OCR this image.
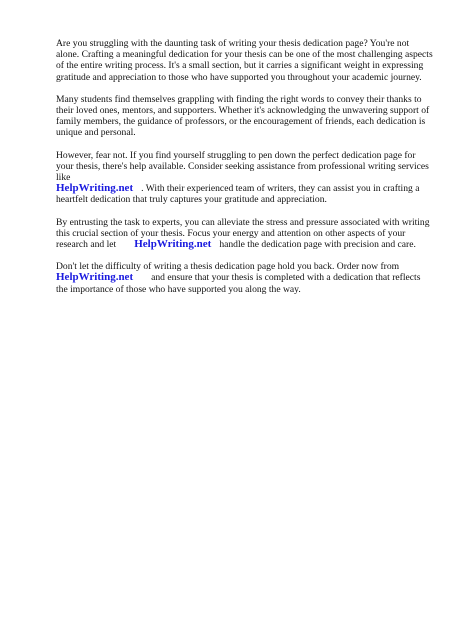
Are you struggling with the daunting task of writing your thesis dedication page? You're not alone. Crafting a meaningful dedication for your thesis can be one of the most challenging aspects of the entire writing process. It's a small section, but it carries a significant weight in expressing gratitude and appreciation to those who have supported you throughout your academic journey.

Many students find themselves grappling with finding the right words to convey their thanks to their loved ones, mentors, and supporters. Whether it's acknowledging the unwavering support of family members, the guidance of professors, or the encouragement of friends, each dedication is unique and personal.

However, fear not. If you find yourself struggling to pen down the perfect dedication page for your thesis, there's help available. Consider seeking assistance from professional writing services like
HelpWriting.net . With their experienced team of writers, they can assist you in crafting a heartfelt dedication that truly captures your gratitude and appreciation.

By entrusting the task to experts, you can alleviate the stress and pressure associated with writing this crucial section of your thesis. Focus your energy and attention on other aspects of your research and let HelpWriting.net handle the dedication page with precision and care.

Don't let the difficulty of writing a thesis dedication page hold you back. Order now from
HelpWriting.net and ensure that your thesis is completed with a dedication that reflects the importance of those who have supported you along the way.
